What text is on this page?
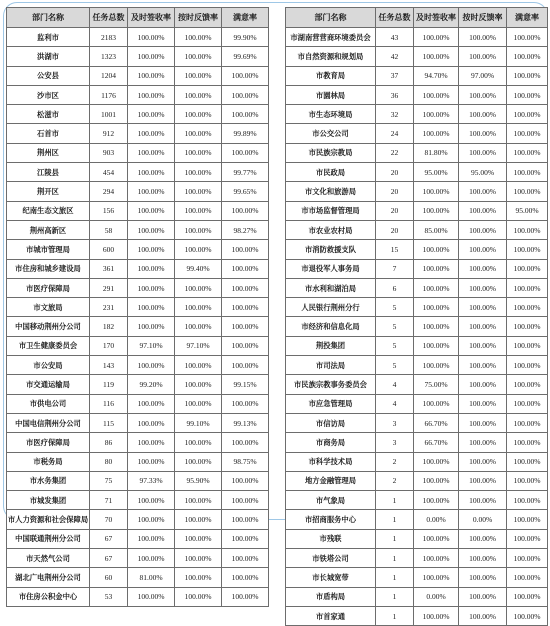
部门名称	任务总数	及时签收率	按时反馈率	满意率
监利市	2183	100.00%	100.00%	99.90%
洪湖市	1323	100.00%	100.00%	99.69%
公安县	1204	100.00%	100.00%	100.00%
沙市区	1176	100.00%	100.00%	100.00%
松滋市	1001	100.00%	100.00%	100.00%
石首市	912	100.00%	100.00%	99.89%
荆州区	903	100.00%	100.00%	100.00%
江陵县	454	100.00%	100.00%	99.77%
荆开区	294	100.00%	100.00%	99.65%
纪南生态文旅区	156	100.00%	100.00%	100.00%
荆州高新区	58	100.00%	100.00%	98.27%
市城市管理局	600	100.00%	100.00%	100.00%
市住房和城乡建设局	361	100.00%	99.40%	100.00%
市医疗保障局	291	100.00%	100.00%	100.00%
市文旅局	231	100.00%	100.00%	100.00%
中国移动荆州分公司	182	100.00%	100.00%	100.00%
市卫生健康委员会	170	97.10%	97.10%	100.00%
市公安局	143	100.00%	100.00%	100.00%
市交通运输局	119	99.20%	100.00%	99.15%
市供电公司	116	100.00%	100.00%	100.00%
中国电信荆州分公司	115	100.00%	99.10%	99.13%
市医疗保障局	86	100.00%	100.00%	100.00%
市税务局	80	100.00%	100.00%	98.75%
市水务集团	75	97.33%	95.90%	100.00%
市城发集团	71	100.00%	100.00%	100.00%
市人力资源和社会保障局	70	100.00%	100.00%	100.00%
中国联通荆州分公司	67	100.00%	100.00%	100.00%
市天然气公司	67	100.00%	100.00%	100.00%
湖北广电荆州分公司	60	81.00%	100.00%	100.00%
市住房公积金中心	53	100.00%	100.00%	100.00%
部门名称	任务总数	及时签收率	按时反馈率	满意率
市湖南营营商环境委员会	43	100.00%	100.00%	100.00%
市自然资源和规划局	42	100.00%	100.00%	100.00%
市教育局	37	94.70%	97.00%	100.00%
市園林局	36	100.00%	100.00%	100.00%
市生态环境局	32	100.00%	100.00%	100.00%
市公交公司	24	100.00%	100.00%	100.00%
市民族宗教局	22	81.80%	100.00%	100.00%
市民政局	20	95.00%	95.00%	100.00%
市文化和旅游局	20	100.00%	100.00%	100.00%
市市场监督管理局	20	100.00%	100.00%	95.00%
市农业农村局	20	85.00%	100.00%	100.00%
市消防救援支队	15	100.00%	100.00%	100.00%
市退役军人事务局	7	100.00%	100.00%	100.00%
市水利和湖泊局	6	100.00%	100.00%	100.00%
人民银行荆州分行	5	100.00%	100.00%	100.00%
市经济和信息化局	5	100.00%	100.00%	100.00%
荆投集团	5	100.00%	100.00%	100.00%
市司法局	5	100.00%	100.00%	100.00%
市民族宗教事务委员会	4	75.00%	100.00%	100.00%
市应急管理局	4	100.00%	100.00%	100.00%
市信访局	3	66.70%	100.00%	100.00%
市商务局	3	66.70%	100.00%	100.00%
市科学技术局	2	100.00%	100.00%	100.00%
地方金融管理局	2	100.00%	100.00%	100.00%
市气象局	1	100.00%	100.00%	100.00%
市招商服务中心	1	0.00%	0.00%	100.00%
市残联	1	100.00%	100.00%	100.00%
市铁塔公司	1	100.00%	100.00%	100.00%
市长城宽带	1	100.00%	100.00%	100.00%
市盾构局	1	0.00%	100.00%	100.00%
市首家通	1	100.00%	100.00%	100.00%
